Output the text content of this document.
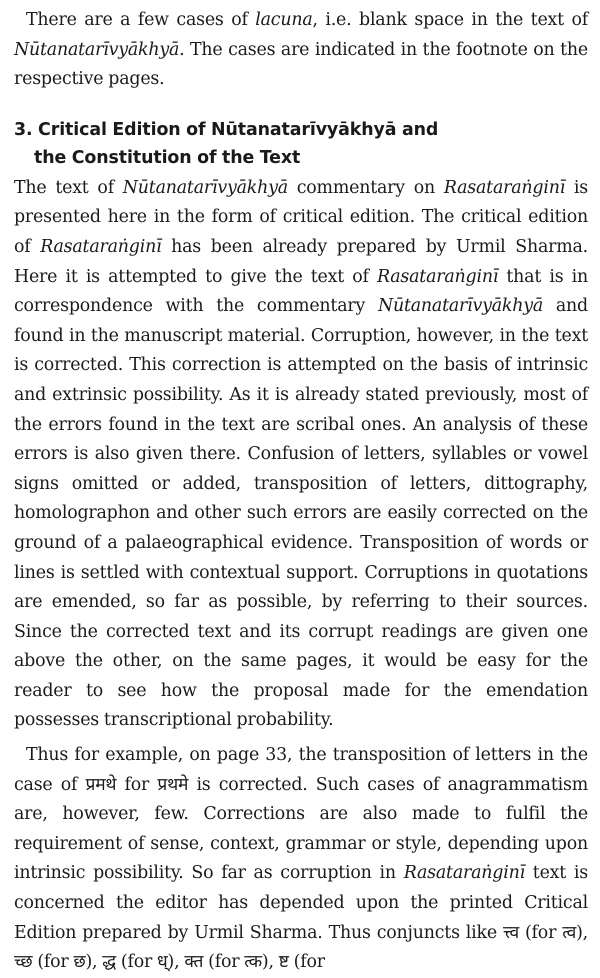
There are a few cases of lacuna, i.e. blank space in the text of Nūtanatarīvyākhyā. The cases are indicated in the footnote on the respective pages.

3. Critical Edition of Nūtanatarīvyākhyā and
the Constitution of the Text

The text of Nūtanatarīvyākhyā commentary on Rasataraṅginī is presented here in the form of critical edition. The critical edition of Rasataraṅginī has been already prepared by Urmil Sharma. Here it is attempted to give the text of Rasataraṅginī that is in correspondence with the commentary Nūtanatarīvyākhyā and found in the manuscript material. Corruption, however, in the text is corrected. This correction is attempted on the basis of intrinsic and extrinsic possibility. As it is already stated previously, most of the errors found in the text are scribal ones. An analysis of these errors is also given there. Confusion of letters, syllables or vowel signs omitted or added, transposition of letters, dittography, homolographon and other such errors are easily corrected on the ground of a palaeographical evidence. Transposition of words or lines is settled with contextual support. Corruptions in quotations are emended, so far as possible, by referring to their sources. Since the corrected text and its corrupt readings are given one above the other, on the same pages, it would be easy for the reader to see how the proposal made for the emendation possesses transcriptional probability.

Thus for example, on page 33, the transposition of letters in the case of प्रमथे for प्रथमे is corrected. Such cases of anagrammatism are, however, few. Corrections are also made to fulfil the requirement of sense, context, grammar or style, depending upon intrinsic possibility. So far as corruption in Rasataraṅginī text is concerned the editor has depended upon the printed Critical Edition prepared by Urmil Sharma. Thus conjuncts like त्त्व (for त्व), च्छ (for छ), द्ध (for ध्), क्त (for त्क), ष्ट (for
